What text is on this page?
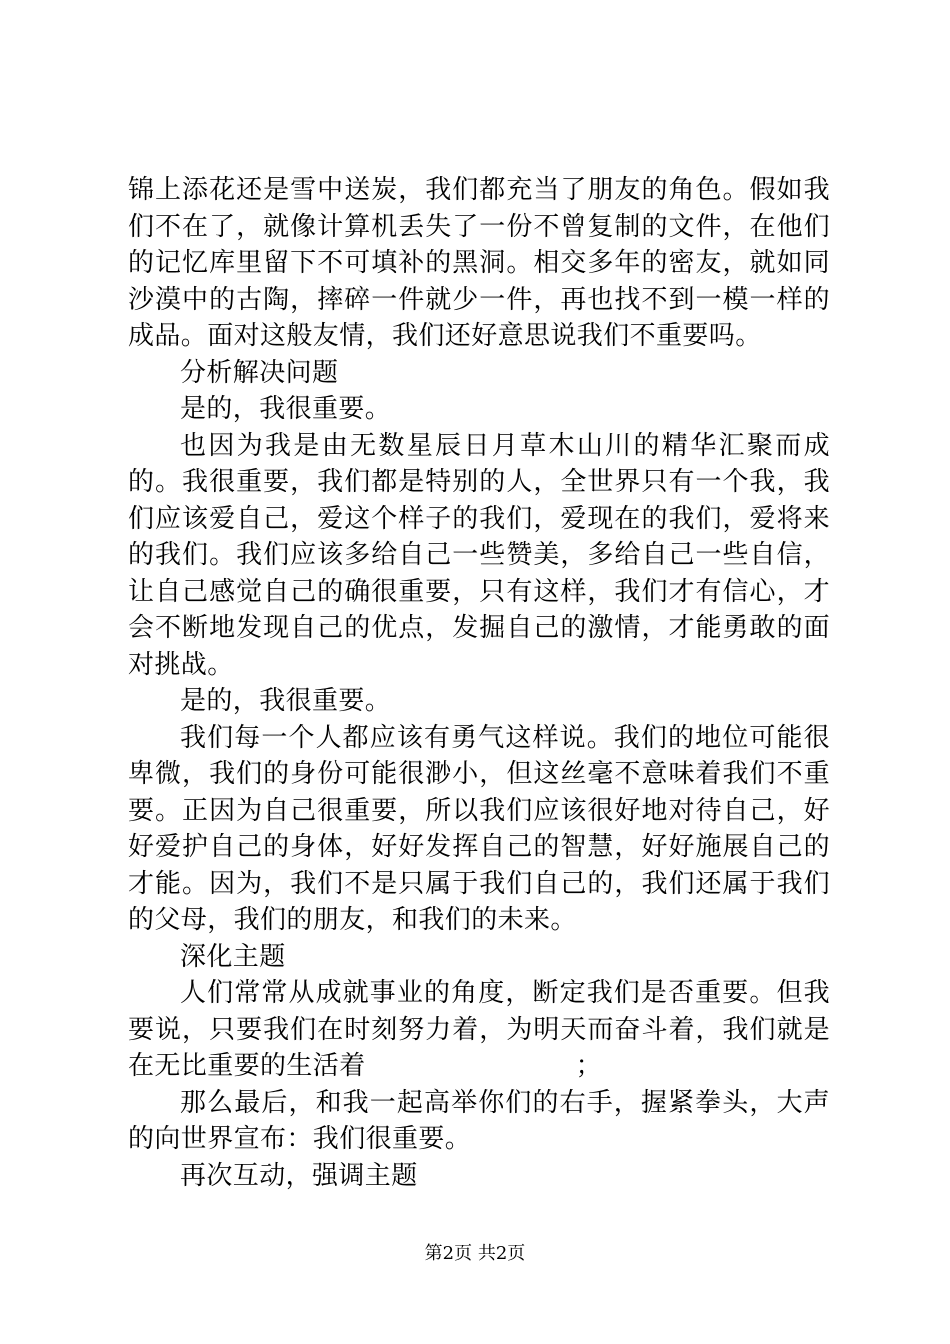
锦上添花还是雪中送炭，我们都充当了朋友的角色。假如我们不在了，就像计算机丢失了一份不曾复制的文件，在他们的记忆库里留下不可填补的黑洞。相交多年的密友，就如同沙漠中的古陶，摔碎一件就少一件，再也找不到一模一样的成品。面对这般友情，我们还好意思说我们不重要吗。

分析解决问题

是的，我很重要。

也因为我是由无数星辰日月草木山川的精华汇聚而成的。我很重要，我们都是特别的人，全世界只有一个我，我们应该爱自己，爱这个样子的我们，爱现在的我们，爱将来的我们。我们应该多给自己一些赞美，多给自己一些自信，让自己感觉自己的确很重要，只有这样，我们才有信心，才会不断地发现自己的优点，发掘自己的激情，才能勇敢的面对挑战。

是的，我很重要。

我们每一个人都应该有勇气这样说。我们的地位可能很卑微，我们的身份可能很渺小，但这丝毫不意味着我们不重要。正因为自己很重要，所以我们应该很好地对待自己，好好爱护自己的身体，好好发挥自己的智慧，好好施展自己的才能。因为，我们不是只属于我们自己的，我们还属于我们的父母，我们的朋友，和我们的未来。

深化主题

人们常常从成就事业的角度，断定我们是否重要。但我要说，只要我们在时刻努力着，为明天而奋斗着，我们就是在无比重要的生活着	；

那么最后，和我一起高举你们的右手，握紧拳头，大声的向世界宣布：我们很重要。

再次互动，强调主题

第2页 共2页
